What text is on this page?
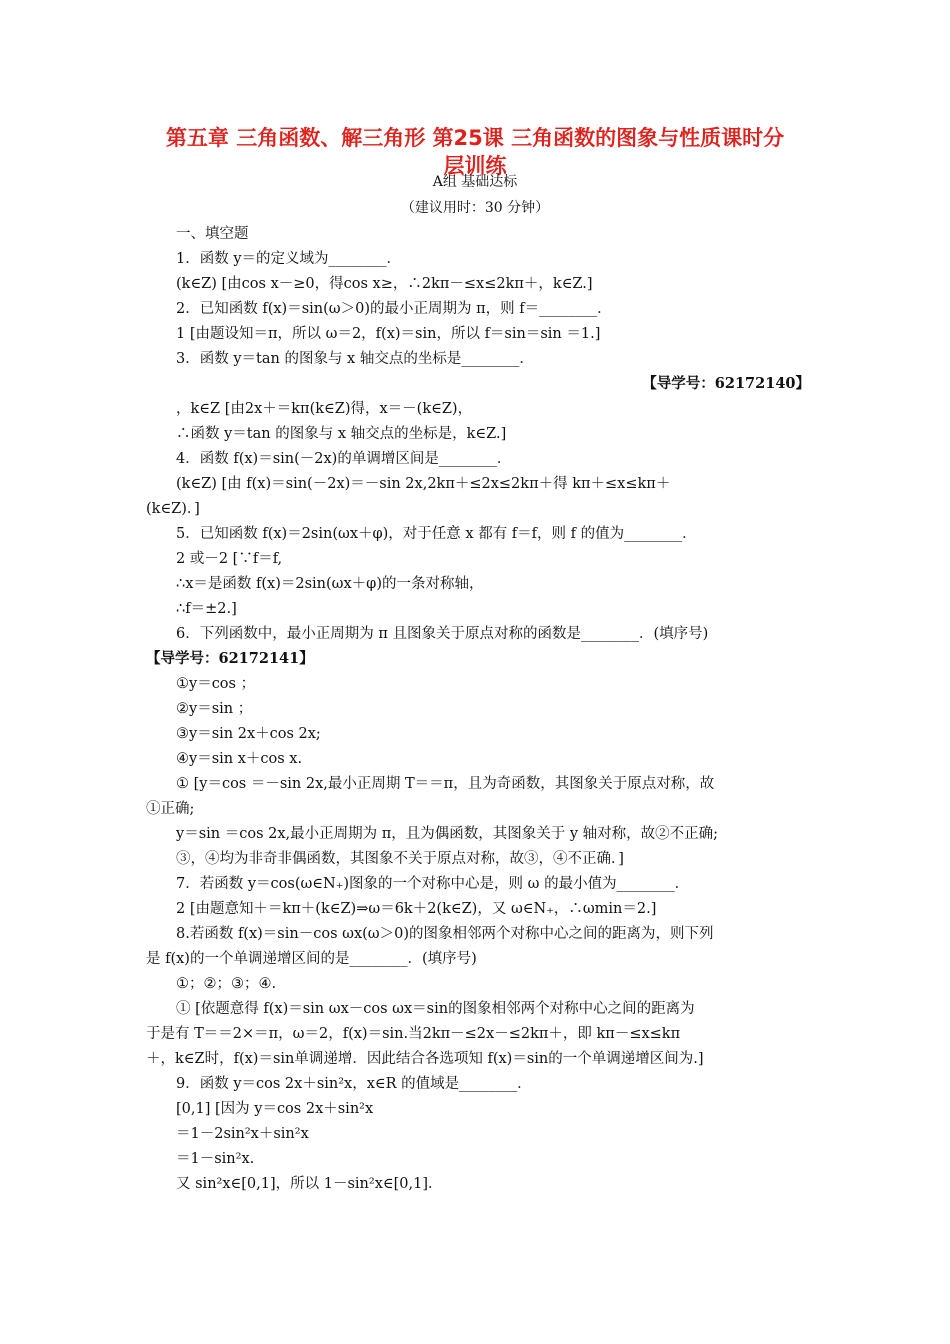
第五章 三角函数、解三角形 第25课 三角函数的图象与性质课时分
层训练
A组 基础达标
（建议用时：30 分钟）
一、填空题
1．函数 y＝的定义域为________．
(k∈Z) [由cos x－≥0，得cos x≥，∴2kπ－≤x≤2kπ＋，k∈Z.]
2．已知函数 f(x)＝sin(ω＞0)的最小正周期为 π，则 f＝________．
1 [由题设知＝π，所以 ω＝2，f(x)＝sin，所以 f＝sin＝sin ＝1.]
3．函数 y＝tan 的图象与 x 轴交点的坐标是________．
【导学号：62172140】
，k∈Z [由2x＋＝kπ(k∈Z)得，x＝－(k∈Z)，
∴函数 y＝tan 的图象与 x 轴交点的坐标是，k∈Z.]
4．函数 f(x)＝sin(－2x)的单调增区间是________．
(k∈Z) [由 f(x)＝sin(－2x)＝－sin 2x,2kπ＋≤2x≤2kπ＋得 kπ＋≤x≤kπ＋
(k∈Z)．]
5．已知函数 f(x)＝2sin(ωx＋φ)，对于任意 x 都有 f＝f，则 f 的值为________．
2 或－2 [∵f＝f,
∴x＝是函数 f(x)＝2sin(ωx＋φ)的一条对称轴，
∴f＝±2.]
6．下列函数中，最小正周期为 π 且图象关于原点对称的函数是________．(填序号)
【导学号：62172141】
①y＝cos ；
②y＝sin ；
③y＝sin 2x＋cos 2x;
④y＝sin x＋cos x.
① [y＝cos ＝－sin 2x,最小正周期 T＝＝π，且为奇函数，其图象关于原点对称，故
①正确;
y＝sin ＝cos 2x,最小正周期为 π，且为偶函数，其图象关于 y 轴对称，故②不正确;
③，④均为非奇非偶函数，其图象不关于原点对称，故③，④不正确．]
7．若函数 y＝cos(ω∈N₊)图象的一个对称中心是，则 ω 的最小值为________．
2 [由题意知＋＝kπ＋(k∈Z)⇒ω＝6k＋2(k∈Z)，又 ω∈N₊，∴ωmin＝2.]
8.若函数 f(x)＝sin－cos ωx(ω＞0)的图象相邻两个对称中心之间的距离为，则下列
是 f(x)的一个单调递增区间的是________．(填序号)
①；②；③；④.
① [依题意得 f(x)＝sin ωx－cos ωx＝sin的图象相邻两个对称中心之间的距离为
于是有 T＝＝2×＝π，ω＝2，f(x)＝sin.当2kπ－≤2x－≤2kπ＋，即 kπ－≤x≤kπ
＋，k∈Z时，f(x)＝sin单调递增．因此结合各选项知 f(x)＝sin的一个单调递增区间为.]
9．函数 y＝cos 2x＋sin²x，x∈R 的值域是________．
[0,1] [因为 y＝cos 2x＋sin²x
＝1－2sin²x＋sin²x
＝1－sin²x.
又 sin²x∈[0,1]，所以 1－sin²x∈[0,1]．
